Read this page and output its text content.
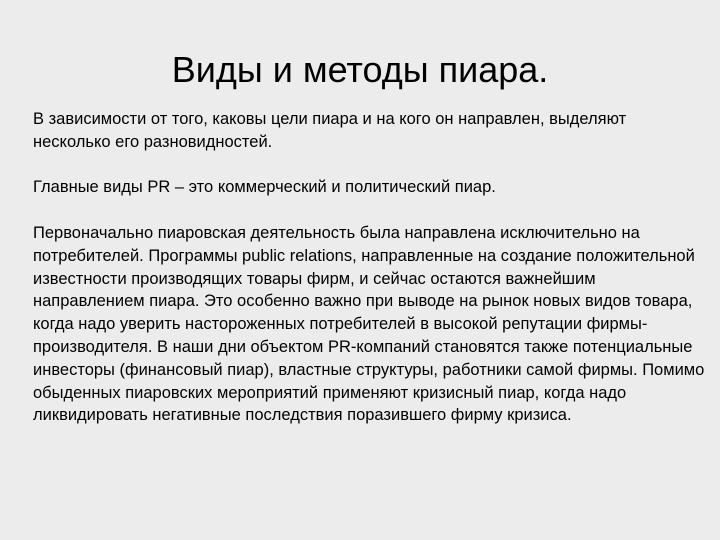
Виды и методы пиара.

В зависимости от того, каковы цели пиара и на кого он направлен, выделяют несколько его разновидностей.

Главные виды PR – это коммерческий и политический пиар.

Первоначально пиаровская деятельность была направлена исключительно на потребителей. Программы public relations, направленные на создание положительной известности производящих товары фирм, и сейчас остаются важнейшим направлением пиара. Это особенно важно при выводе на рынок новых видов товара, когда надо уверить настороженных потребителей в высокой репутации фирмы-производителя. В наши дни объектом PR-компаний становятся также потенциальные инвесторы (финансовый пиар), властные структуры, работники самой фирмы. Помимо обыденных пиаровских мероприятий применяют кризисный пиар, когда надо ликвидировать негативные последствия поразившего фирму кризиса.
